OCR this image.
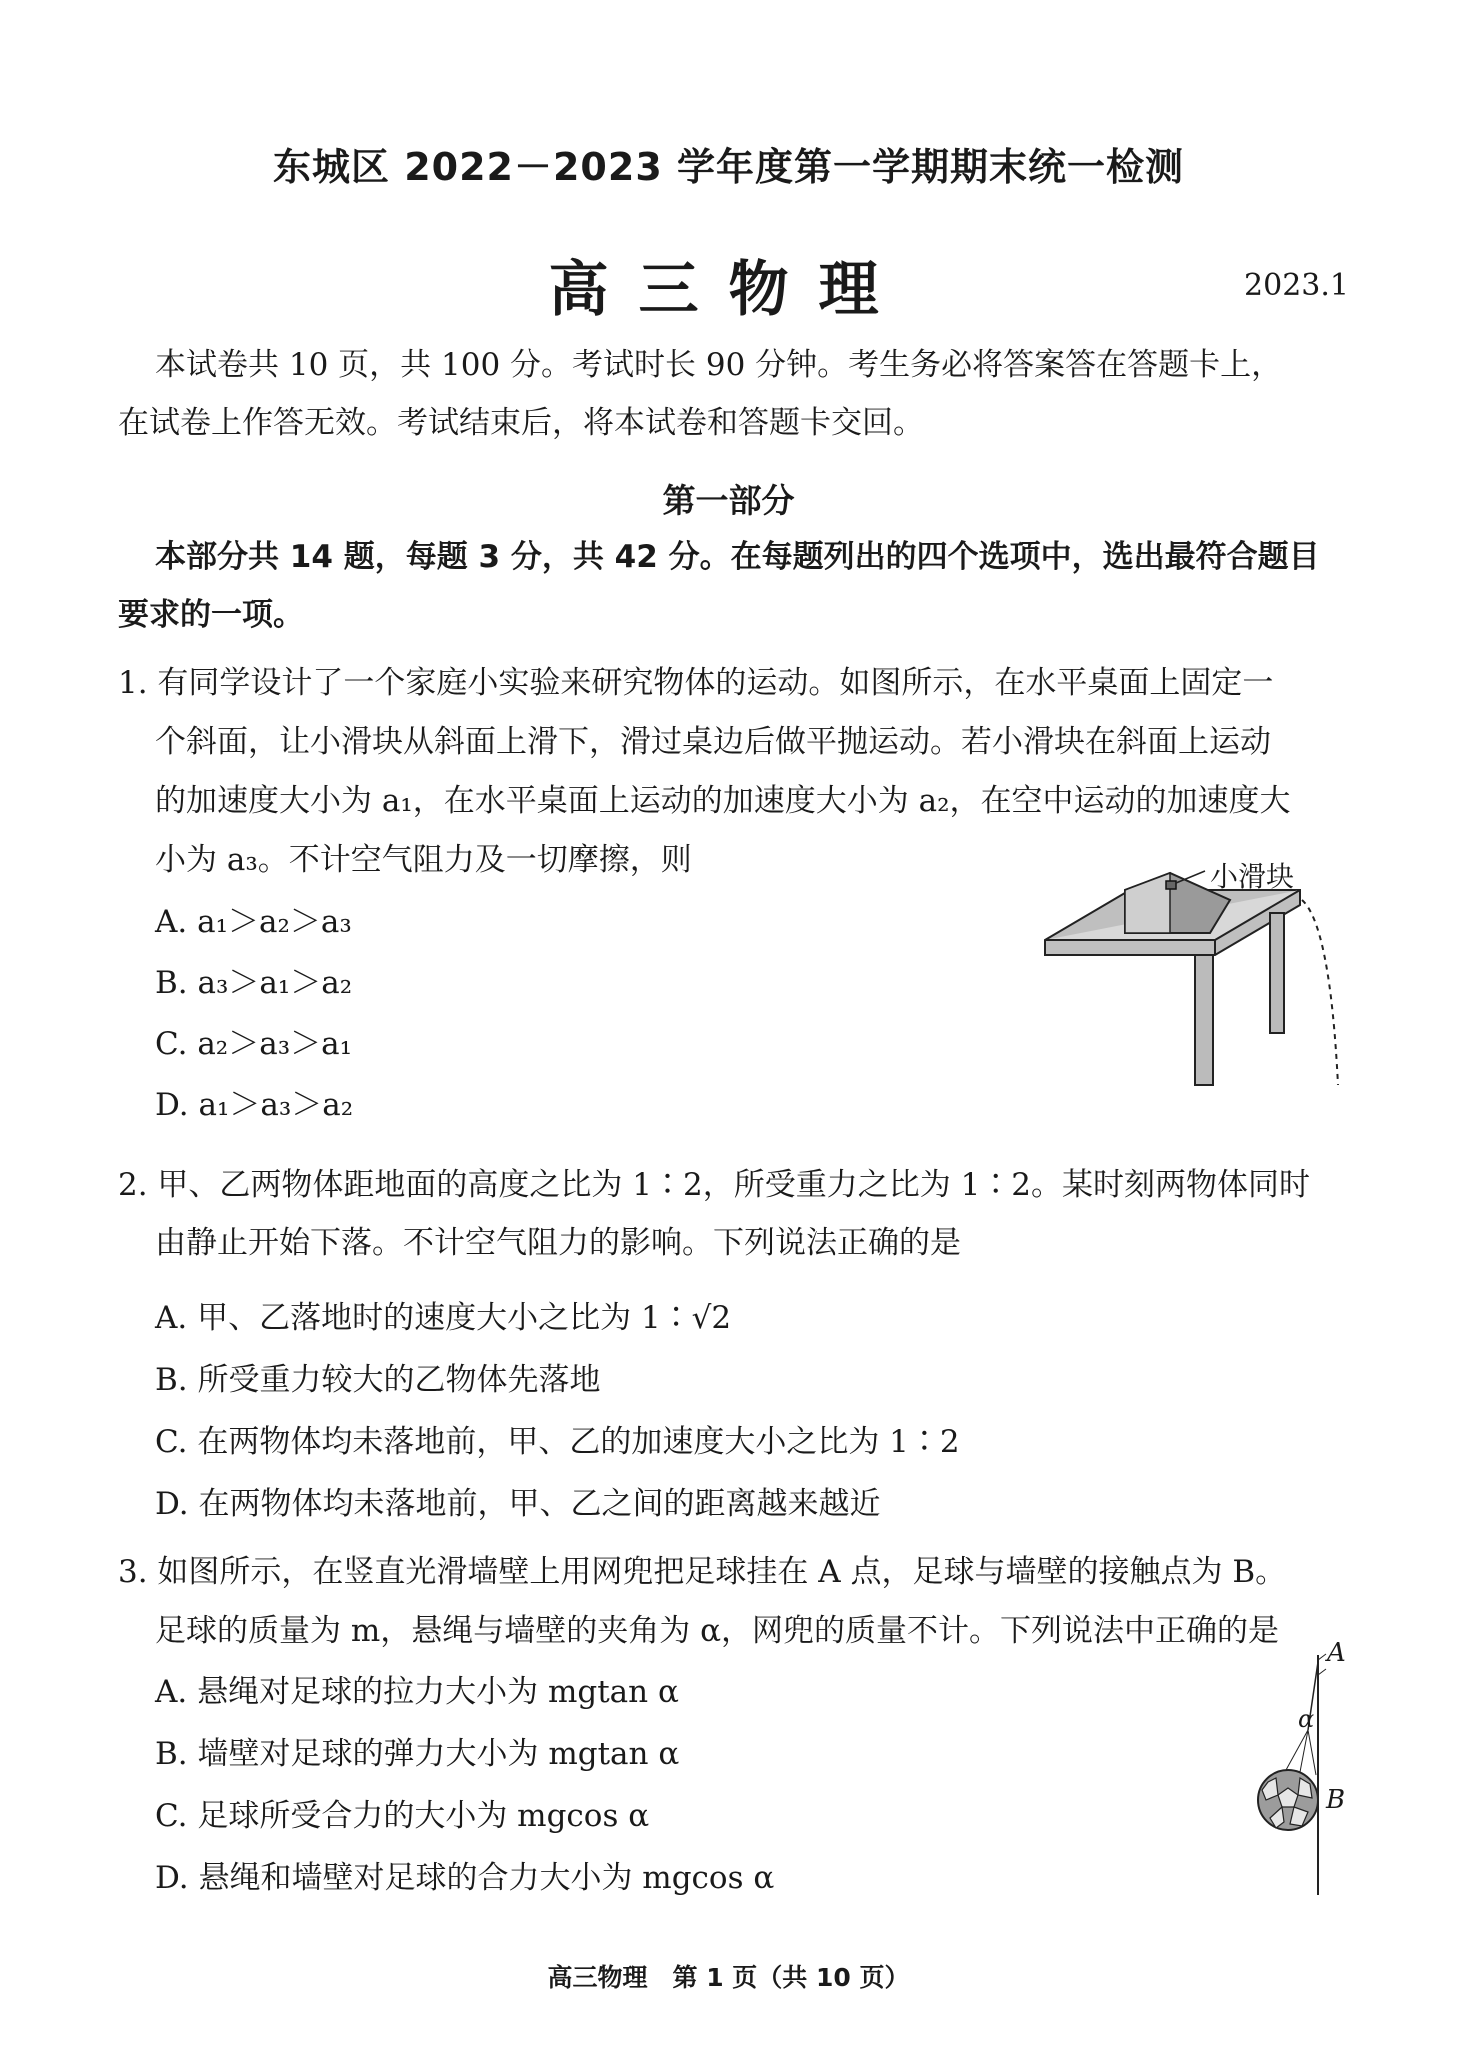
东城区 2022－2023 学年度第一学期期末统一检测
高三物理	2023.1
本试卷共 10 页，共 100 分。考试时长 90 分钟。考生务必将答案答在答题卡上，
在试卷上作答无效。考试结束后，将本试卷和答题卡交回。
第一部分
本部分共 14 题，每题 3 分，共 42 分。在每题列出的四个选项中，选出最符合题目
要求的一项。
1. 有同学设计了一个家庭小实验来研究物体的运动。如图所示，在水平桌面上固定一
个斜面，让小滑块从斜面上滑下，滑过桌边后做平抛运动。若小滑块在斜面上运动
的加速度大小为 a₁，在水平桌面上运动的加速度大小为 a₂，在空中运动的加速度大
小为 a₃。不计空气阻力及一切摩擦，则
A. a₁＞a₂＞a₃
B. a₃＞a₁＞a₂
C. a₂＞a₃＞a₁
D. a₁＞a₃＞a₂
小滑块
2. 甲、乙两物体距地面的高度之比为 1∶2，所受重力之比为 1∶2。某时刻两物体同时
由静止开始下落。不计空气阻力的影响。下列说法正确的是
A. 甲、乙落地时的速度大小之比为 1∶√2
B. 所受重力较大的乙物体先落地
C. 在两物体均未落地前，甲、乙的加速度大小之比为 1∶2
D. 在两物体均未落地前，甲、乙之间的距离越来越近
3. 如图所示，在竖直光滑墙壁上用网兜把足球挂在 A 点，足球与墙壁的接触点为 B。
足球的质量为 m，悬绳与墙壁的夹角为 α，网兜的质量不计。下列说法中正确的是
A. 悬绳对足球的拉力大小为 mgtan α
B. 墙壁对足球的弹力大小为 mgtan α
C. 足球所受合力的大小为 mgcos α
D. 悬绳和墙壁对足球的合力大小为 mgcos α
A
α
B
高三物理　第 1 页（共 10 页）
